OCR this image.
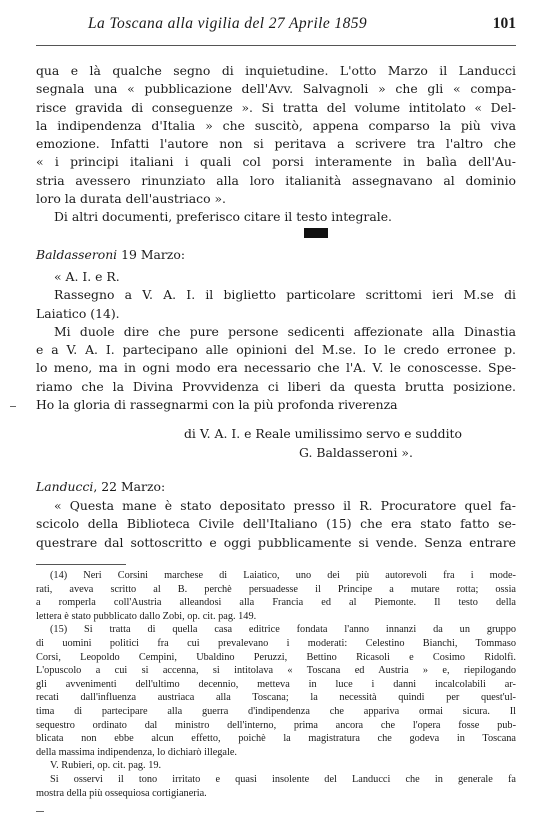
La Toscana alla vigilia del 27 Aprile 1859	101
qua e là qualche segno di inquietudine. L'otto Marzo il Landucci
segnala una « pubblicazione dell'Avv. Salvagnoli » che gli « compa-
risce gravida di conseguenze ». Si tratta del volume intitolato « Del-
la indipendenza d'Italia » che suscitò, appena comparso la più viva
emozione. Infatti l'autore non si peritava a scrivere tra l'altro che
« i principi italiani i quali col porsi interamente in balìa dell'Au-
stria avessero rinunziato alla loro italianità assegnavano al dominio
loro la durata dell'austriaco ».
Di altri documenti, preferisco citare il testo integrale.
Baldasseroni 19 Marzo:
« A. I. e R.
Rassegno a V. A. I. il biglietto particolare scrittomi ieri M.se di
Laiatico (14).
Mi duole dire che pure persone sedicenti affezionate alla Dinastia
e a V. A. I. partecipano alle opinioni del M.se. Io le credo erronee p.
lo meno, ma in ogni modo era necessario che l'A. V. le conoscesse. Spe-
riamo che la Divina Provvidenza ci liberi da questa brutta posizione.
Ho la gloria di rassegnarmi con la più profonda riverenza
di V. A. I. e Reale umilissimo servo e suddito
G. Baldasseroni ».
Landucci, 22 Marzo:
« Questa mane è stato depositato presso il R. Procuratore quel fa-
scicolo della Biblioteca Civile dell'Italiano (15) che era stato fatto se-
questrare dal sottoscritto e oggi pubblicamente si vende. Senza entrare
(14) Neri Corsini marchese di Laiatico, uno dei più autorevoli fra i mode-
rati, aveva scritto al B. perchè persuadesse il Principe a mutare rotta; ossia
a romperla coll'Austria alleandosi alla Francia ed al Piemonte. Il testo della
lettera è stato pubblicato dallo Zobi, op. cit. pag. 149.
(15) Si tratta di quella casa editrice fondata l'anno innanzi da un gruppo
di uomini politici fra cui prevalevano i moderati: Celestino Bianchi, Tommaso
Corsi, Leopoldo Cempini, Ubaldino Peruzzi, Bettino Ricasoli e Cosimo Ridolfi.
L'opuscolo a cui si accenna, si intitolava « Toscana ed Austria » e, riepilogando
gli avvenimenti dell'ultimo decennio, metteva in luce i danni incalcolabili ar-
recati dall'influenza austriaca alla Toscana; la necessità quindi per quest'ul-
tima di partecipare alla guerra d'indipendenza che appariva ormai sicura. Il
sequestro ordinato dal ministro dell'interno, prima ancora che l'opera fosse pub-
blicata non ebbe alcun effetto, poichè la magistratura che godeva in Toscana
della massima indipendenza, lo dichiarò illegale.
V. Rubieri, op. cit. pag. 19.
Si osservi il tono irritato e quasi insolente del Landucci che in generale fa
mostra della più ossequiosa cortigianeria.
